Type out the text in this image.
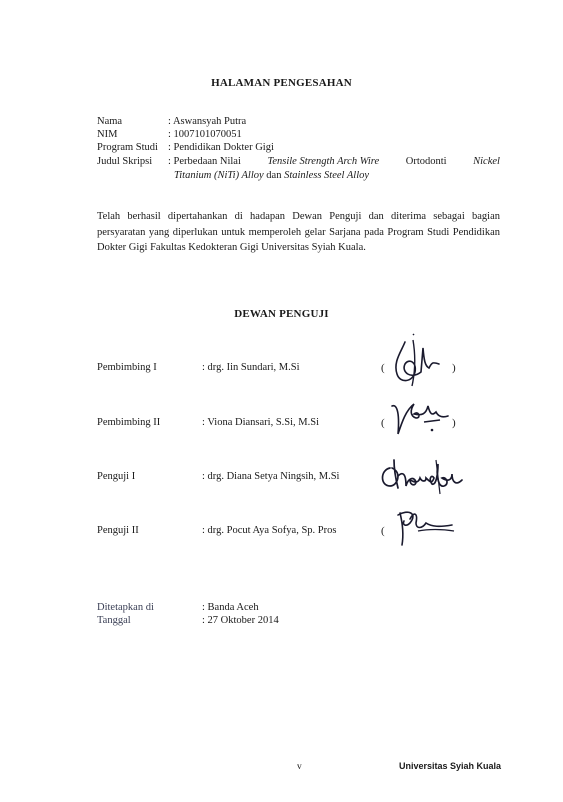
HALAMAN PENGESAHAN
Nama	: Aswansyah Putra
NIM	: 1007101070051
Program Studi : Pendidikan Dokter Gigi
Judul Skripsi : Perbedaan Nilai	Tensile Strength Arch Wire	Ortodonti	Nickel
Titanium (NiTi) Alloy dan Stainless Steel Alloy
Telah berhasil dipertahankan di hadapan Dewan Penguji dan diterima sebagai bagian persyaratan yang diperlukan untuk memperoleh gelar Sarjana pada Program Studi Pendidikan Dokter Gigi Fakultas Kedokteran Gigi Universitas Syiah Kuala.
DEWAN PENGUJI
Pembimbing I	: drg. Iin Sundari, M.Si	(	)
Pembimbing II	: Viona Diansari, S.Si, M.Si	(	)
Penguji I	: drg. Diana Setya Ningsih, M.Si
Penguji II	: drg. Pocut Aya Sofya, Sp. Pros	(
Ditetapkan di	: Banda Aceh
Tanggal	: 27 Oktober 2014
v	Universitas Syiah Kuala
